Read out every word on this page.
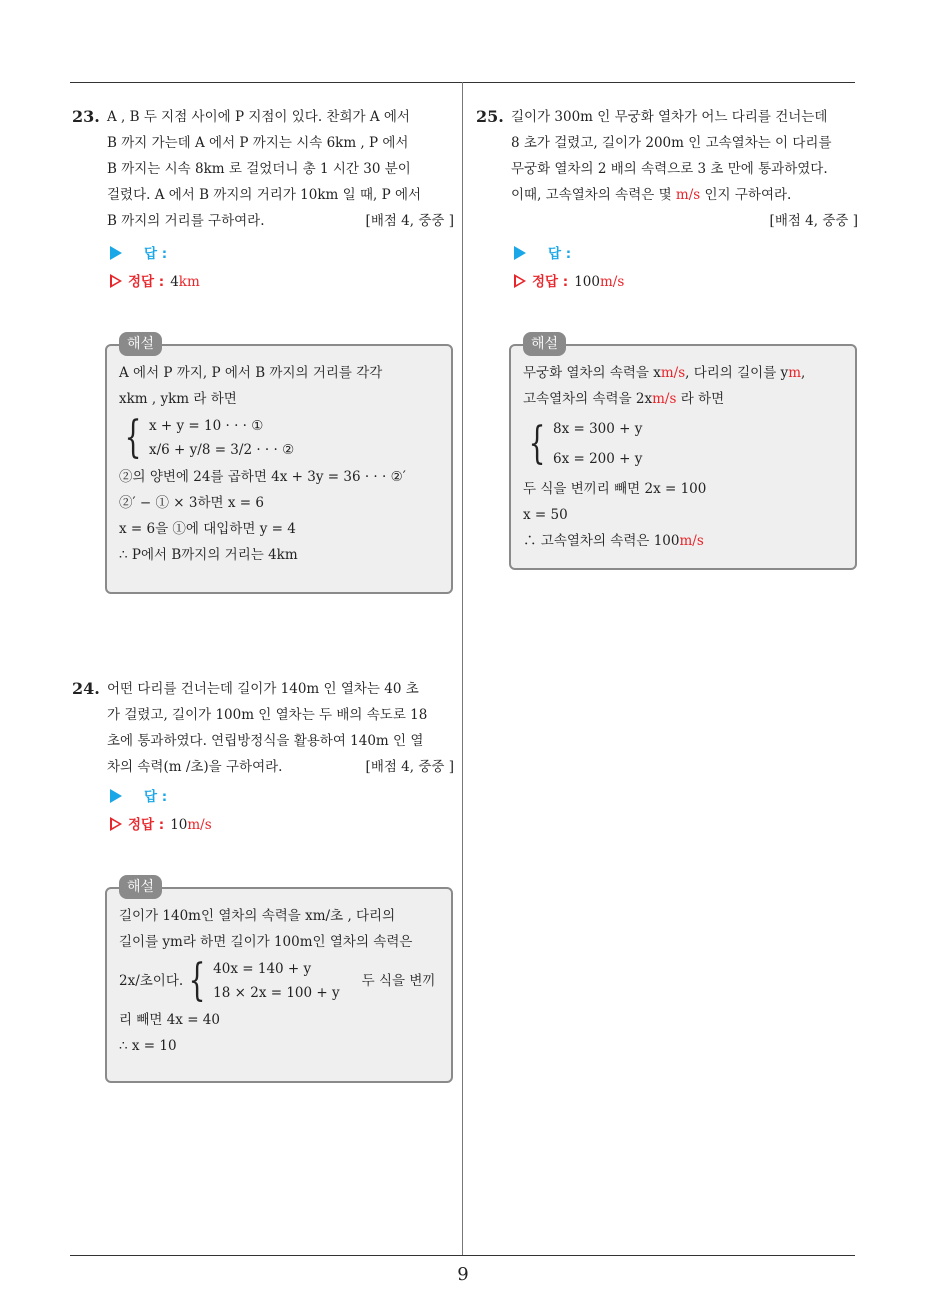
23. A , B 두 지점 사이에 P 지점이 있다. 찬희가 A 에서
B 까지 가는데 A 에서 P 까지는 시속 6km , P 에서
B 까지는 시속 8km 로 걸었더니 총 1 시간 30 분이
걸렸다. A 에서 B 까지의 거리가 10km 일 때, P 에서
B 까지의 거리를 구하여라.	[배점 4, 중중 ]
답 :
정답 : 4km
해설
A 에서 P 까지, P 에서 B 까지의 거리를 각각
xkm , ykm 라 하면
{ x + y = 10 · · · ①
x/6 + y/8 = 3/2 · · · ②
②의 양변에 24를 곱하면 4x + 3y = 36 · · · ②′
②′ − ① × 3하면 x = 6
x = 6을 ①에 대입하면 y = 4
∴ P에서 B까지의 거리는 4km
24. 어떤 다리를 건너는데 길이가 140m 인 열차는 40 초
가 걸렸고, 길이가 100m 인 열차는 두 배의 속도로 18
초에 통과하였다. 연립방정식을 활용하여 140m 인 열
차의 속력(m /초)을 구하여라.	[배점 4, 중중 ]
답 :
정답 : 10m/s
해설
길이가 140m인 열차의 속력을 xm/초 , 다리의
길이를 ym라 하면 길이가 100m인 열차의 속력은
2x/초이다. { 40x = 140 + y
18 × 2x = 100 + y
두 식을 변끼
리 빼면 4x = 40
∴ x = 10
25. 길이가 300m 인 무궁화 열차가 어느 다리를 건너는데
8 초가 걸렸고, 길이가 200m 인 고속열차는 이 다리를
무궁화 열차의 2 배의 속력으로 3 초 만에 통과하였다.
이때, 고속열차의 속력은 몇 m/s 인지 구하여라.
[배점 4, 중중 ]
답 :
정답 : 100m/s
해설
무궁화 열차의 속력을 xm/s, 다리의 길이를 ym,
고속열차의 속력을 2xm/s 라 하면
{ 8x = 300 + y
6x = 200 + y
두 식을 변끼리 빼면 2x = 100
x = 50
∴ 고속열차의 속력은 100m/s
9
